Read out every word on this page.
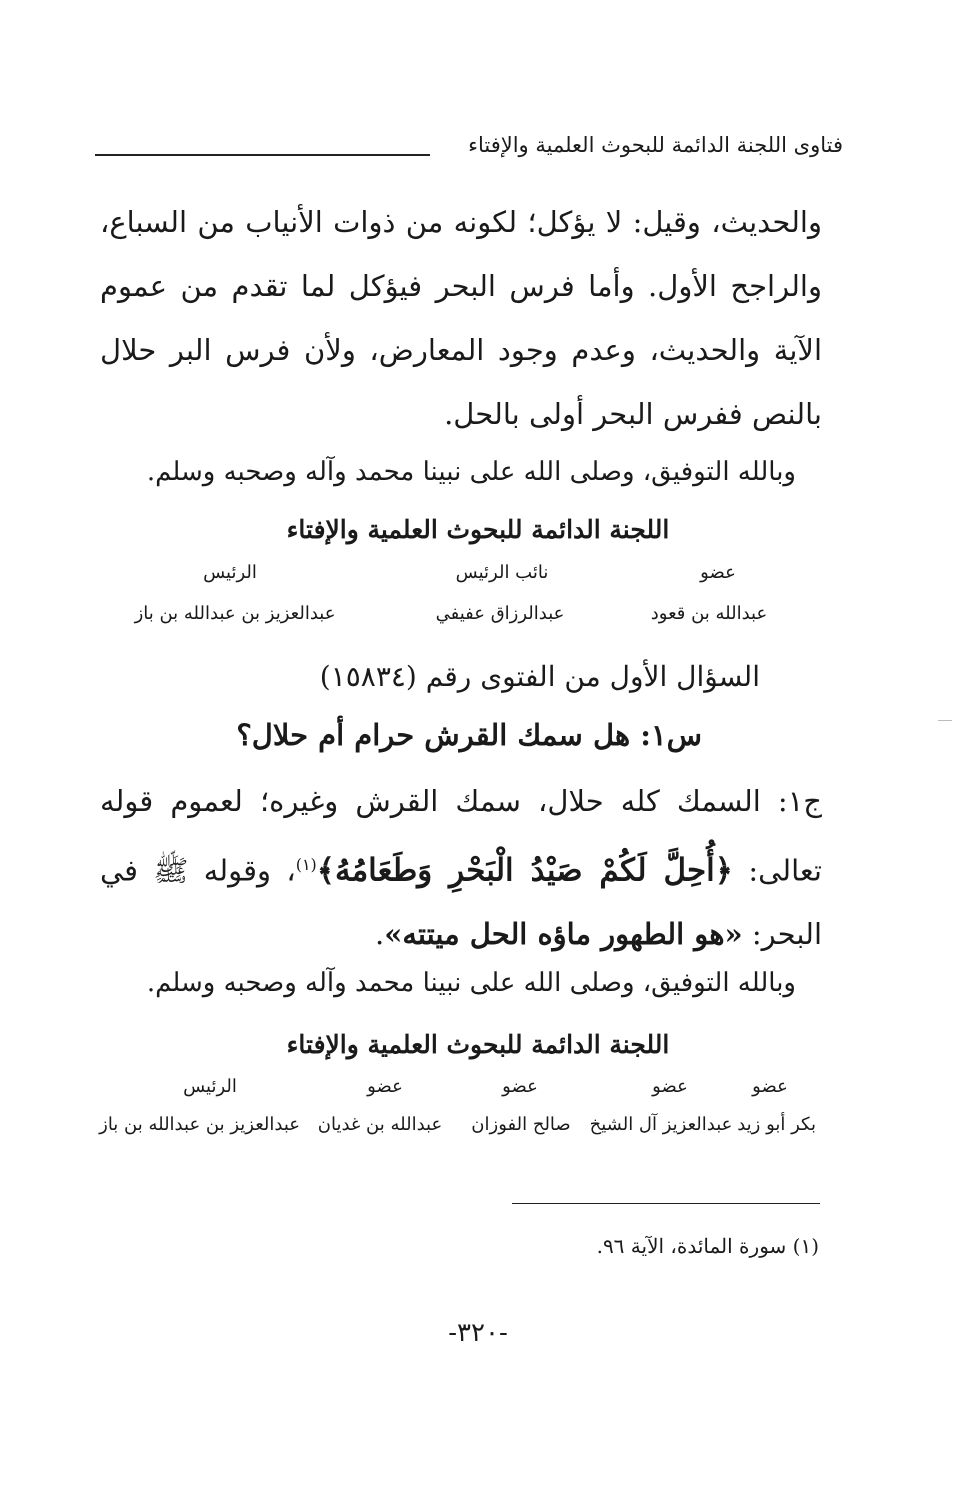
فتاوى اللجنة الدائمة للبحوث العلمية والإفتاء
والحديث، وقيل: لا يؤكل؛ لكونه من ذوات الأنياب من السباع، والراجح الأول. وأما فرس البحر فيؤكل لما تقدم من عموم الآية والحديث، وعدم وجود المعارض، ولأن فرس البر حلال بالنص ففرس البحر أولى بالحل.
وبالله التوفيق، وصلى الله على نبينا محمد وآله وصحبه وسلم.
اللجنة الدائمة للبحوث العلمية والإفتاء
عضو
نائب الرئيس
الرئيس
عبدالله بن قعود
عبدالرزاق عفيفي
عبدالعزيز بن عبدالله بن باز
السؤال الأول من الفتوى رقم (١٥٨٣٤)
س١: هل سمك القرش حرام أم حلال؟
ج١: السمك كله حلال، سمك القرش وغيره؛ لعموم قوله تعالى: ﴿أُحِلَّ لَكُمْ صَيْدُ الْبَحْرِ وَطَعَامُهُ﴾$^{(١)}$، وقوله ﷺ في البحر: «هو الطهور ماؤه الحل ميتته».
وبالله التوفيق، وصلى الله على نبينا محمد وآله وصحبه وسلم.
اللجنة الدائمة للبحوث العلمية والإفتاء
عضو
عضو
عضو
عضو
الرئيس
بكر أبو زيد
عبدالعزيز آل الشيخ
صالح الفوزان
عبدالله بن غديان
عبدالعزيز بن عبدالله بن باز
(١) سورة المائدة، الآية ٩٦.
-٣٢٠-
